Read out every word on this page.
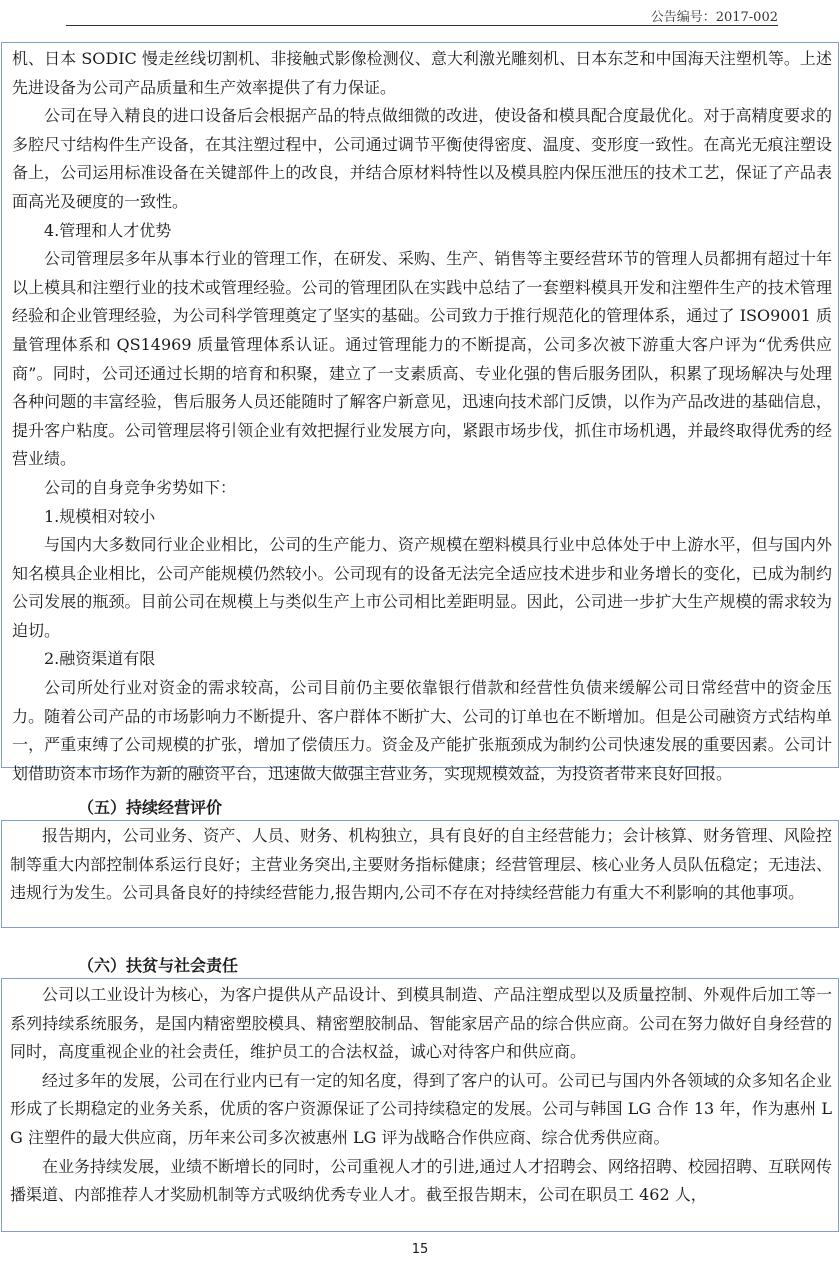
公告编号：2017-002

机、日本 SODIC 慢走丝线切割机、非接触式影像检测仪、意大利激光雕刻机、日本东芝和中国海天注塑机等。上述先进设备为公司产品质量和生产效率提供了有力保证。

公司在导入精良的进口设备后会根据产品的特点做细微的改进，使设备和模具配合度最优化。对于高精度要求的多腔尺寸结构件生产设备，在其注塑过程中，公司通过调节平衡使得密度、温度、变形度一致性。在高光无痕注塑设备上，公司运用标准设备在关键部件上的改良，并结合原材料特性以及模具腔内保压泄压的技术工艺，保证了产品表面高光及硬度的一致性。

4.管理和人才优势

公司管理层多年从事本行业的管理工作，在研发、采购、生产、销售等主要经营环节的管理人员都拥有超过十年以上模具和注塑行业的技术或管理经验。公司的管理团队在实践中总结了一套塑料模具开发和注塑件生产的技术管理经验和企业管理经验，为公司科学管理奠定了坚实的基础。公司致力于推行规范化的管理体系，通过了 ISO9001 质量管理体系和 QS14969 质量管理体系认证。通过管理能力的不断提高，公司多次被下游重大客户评为“优秀供应商”。同时，公司还通过长期的培育和积聚，建立了一支素质高、专业化强的售后服务团队，积累了现场解决与处理各种问题的丰富经验，售后服务人员还能随时了解客户新意见，迅速向技术部门反馈，以作为产品改进的基础信息，提升客户粘度。公司管理层将引领企业有效把握行业发展方向，紧跟市场步伐，抓住市场机遇，并最终取得优秀的经营业绩。

公司的自身竞争劣势如下：

1.规模相对较小

与国内大多数同行业企业相比，公司的生产能力、资产规模在塑料模具行业中总体处于中上游水平，但与国内外知名模具企业相比，公司产能规模仍然较小。公司现有的设备无法完全适应技术进步和业务增长的变化，已成为制约公司发展的瓶颈。目前公司在规模上与类似生产上市公司相比差距明显。因此，公司进一步扩大生产规模的需求较为迫切。

2.融资渠道有限

公司所处行业对资金的需求较高，公司目前仍主要依靠银行借款和经营性负债来缓解公司日常经营中的资金压力。随着公司产品的市场影响力不断提升、客户群体不断扩大、公司的订单也在不断增加。但是公司融资方式结构单一，严重束缚了公司规模的扩张，增加了偿债压力。资金及产能扩张瓶颈成为制约公司快速发展的重要因素。公司计划借助资本市场作为新的融资平台，迅速做大做强主营业务，实现规模效益，为投资者带来良好回报。

（五）持续经营评价

报告期内，公司业务、资产、人员、财务、机构独立，具有良好的自主经营能力；会计核算、财务管理、风险控制等重大内部控制体系运行良好；主营业务突出,主要财务指标健康；经营管理层、核心业务人员队伍稳定；无违法、违规行为发生。公司具备良好的持续经营能力,报告期内,公司不存在对持续经营能力有重大不利影响的其他事项。

（六）扶贫与社会责任

公司以工业设计为核心，为客户提供从产品设计、到模具制造、产品注塑成型以及质量控制、外观件后加工等一系列持续系统服务，是国内精密塑胶模具、精密塑胶制品、智能家居产品的综合供应商。公司在努力做好自身经营的同时，高度重视企业的社会责任，维护员工的合法权益，诚心对待客户和供应商。

经过多年的发展，公司在行业内已有一定的知名度，得到了客户的认可。公司已与国内外各领域的众多知名企业形成了长期稳定的业务关系，优质的客户资源保证了公司持续稳定的发展。公司与韩国 LG 合作 13 年，作为惠州 LG 注塑件的最大供应商，历年来公司多次被惠州 LG 评为战略合作供应商、综合优秀供应商。

在业务持续发展，业绩不断增长的同时，公司重视人才的引进,通过人才招聘会、网络招聘、校园招聘、互联网传播渠道、内部推荐人才奖励机制等方式吸纳优秀专业人才。截至报告期末，公司在职员工 462 人，

15
